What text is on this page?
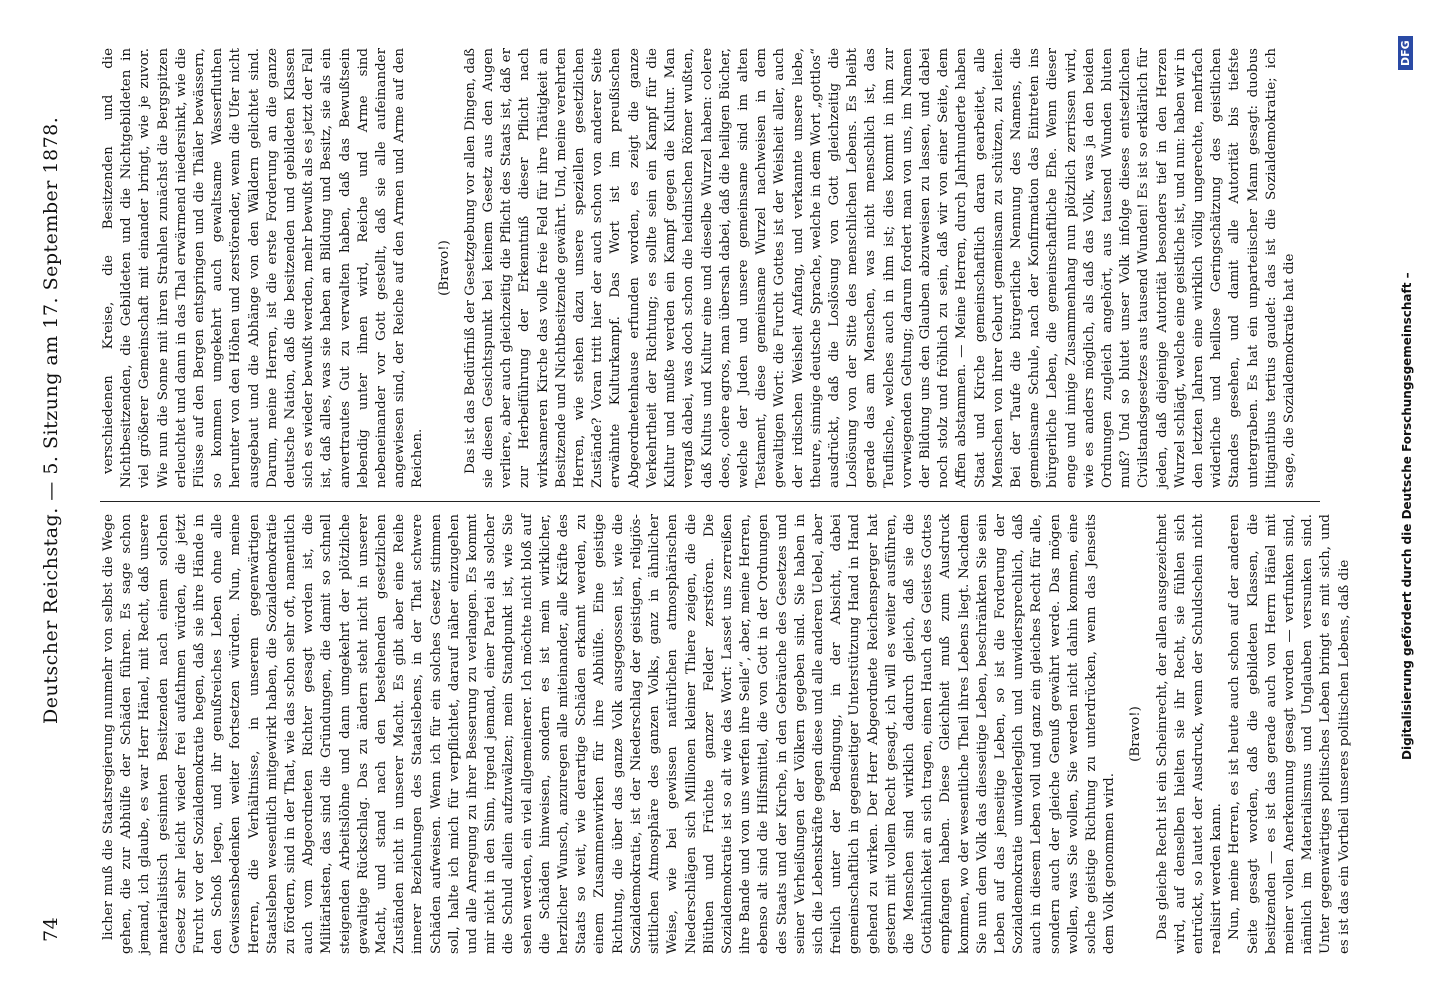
74
Deutscher Reichstag. — 5. Sitzung am 17. September 1878.

licher muß die Staatsregierung nunmehr von selbst die Wege gehen, die zur Abhülfe der Schäden führen. Es sage schon jemand, ich glaube, es war Herr Hänel, mit Recht, daß unsere materialistisch gesinnten Besitzenden nach einem solchen Gesetz sehr leicht wieder frei aufathmen würden, die jetzt Furcht vor der Sozialdemokratie hegen, daß sie ihre Hände in den Schoß legen, und ihr genußreiches Leben ohne alle Gewissensbedenken weiter fortsetzen würden. Nun, meine Herren, die Verhältnisse, in unserem gegenwärtigen Staatsleben wesentlich mitgewirkt haben, die Sozialdemokratie zu fördern, sind in der That, wie das schon sehr oft, namentlich auch vom Abgeordneten Richter gesagt worden ist, die Militärlasten, das sind die Gründungen, die damit so schnell steigenden Arbeitslöhne und dann umgekehrt der plötzliche gewaltige Rückschlag. Das zu ändern steht nicht in unserer Macht, und stand nach den bestehenden gesetzlichen Zuständen nicht in unserer Macht. Es gibt aber eine Reihe innerer Beziehungen des Staatslebens, in der That schwere Schäden aufweisen. Wenn ich für ein solches Gesetz stimmen soll, halte ich mich für verpflichtet, darauf näher einzugehen und alle Anregung zu ihrer Besserung zu verlangen. Es kommt mir nicht in den Sinn, irgend jemand, einer Partei als solcher die Schuld allein aufzuwälzen; mein Standpunkt ist, wie Sie sehen werden, ein viel allgemeinerer. Ich möchte nicht bloß auf die Schäden hinweisen, sondern es ist mein wirklicher, herzlicher Wunsch, anzuregen alle miteinander, alle Kräfte des Staats so weit, wie derartige Schäden erkannt werden, zu einem Zusammenwirken für ihre Abhülfe. Eine geistige Richtung, die über das ganze Volk ausgegossen ist, wie die Sozialdemokratie, ist der Niederschlag der geistigen, religiös-sittlichen Atmosphäre des ganzen Volks, ganz in ähnlicher Weise, wie bei gewissen natürlichen atmosphärischen Niederschlägen sich Millionen kleiner Thiere zeigen, die die Blüthen und Früchte ganzer Felder zerstören. Die Sozialdemokratie ist so alt wie das Wort: Lasset uns zerreißen ihre Bande und von uns werfen ihre Seile“, aber, meine Herren, ebenso alt sind die Hilfsmittel, die von Gott in der Ordnungen des Staats und der Kirche, in den Gebräuche des Gesetzes und seiner Verheißungen der Völkern gegeben sind. Sie haben in sich die Lebenskräfte gegen diese und alle anderen Uebel, aber freilich unter der Bedingung, in der Absicht, dabei gemeinschaftlich in gegenseitiger Unterstützung Hand in Hand gehend zu wirken. Der Herr Abgeordnete Reichensperger hat gestern mit vollem Recht gesagt, ich will es weiter ausführen, die Menschen sind wirklich dadurch gleich, daß sie die Gottähnlichkeit an sich tragen, einen Hauch des Geistes Gottes empfangen haben. Diese Gleichheit muß zum Ausdruck kommen, wo der wesentliche Theil ihres Lebens liegt. Nachdem Sie nun dem Volk das diesseitige Leben, beschränkten Sie sein Leben auf das jenseitige Leben, so ist die Forderung der Sozialdemokratie unwiderleglich und unwidersprechlich, daß auch in diesem Leben voll und ganz ein gleiches Recht für alle, sondern auch der gleiche Genuß gewährt werde. Das mögen wollen, was Sie wollen, Sie werden nicht dahin kommen, eine solche geistige Richtung zu unterdrücken, wenn das Jenseits dem Volk genommen wird.

(Bravo!) Das gleiche Recht ist ein Scheinrecht, der allen ausgezeichnet wird, auf denselben hielten sie ihr Recht, sie fühlen sich entrückt, so lautet der Ausdruck, wenn der Schuldschein nicht realisirt werden kann. Nun, meine Herren, es ist heute auch schon auf der anderen Seite gesagt worden, daß die gebildeten Klassen, die besitzenden — es ist das gerade auch von Herrn Hänel mit meiner vollen Anerkennung gesagt worden — verfunken sind, nämlich im Materialismus und Unglauben versunken sind. Unter gegenwärtiges politisches Leben bringt es mit sich, und es ist das ein Vortheil unseres politischen Lebens, daß die

verschiedenen Kreise, die Besitzenden und die Nichtbesitzenden, die Gebildeten und die Nichtgebildeten in viel größerer Gemeinschaft mit einander bringt, wie je zuvor. Wie nun die Sonne mit ihren Strahlen zunächst die Bergspitzen erleuchtet und dann in das Thal erwärmend niedersinkt, wie die Flüsse auf den Bergen entspringen und die Thäler bewässern, so kommen umgekehrt auch gewaltsame Wasserfluthen herunter von den Höhen und zerstörender, wenn die Ufer nicht ausgebaut und die Abhänge von den Wäldern gelichtet sind. Darum, meine Herren, ist die erste Forderung an die ganze deutsche Nation, daß die besitzenden und gebildeten Klassen sich es wieder bewußt werden, mehr bewußt als es jetzt der Fall ist, daß alles, was sie haben an Bildung und Besitz, sie als ein anvertrautes Gut zu verwalten haben, daß das Bewußtsein lebendig unter ihnen wird, Reiche und Arme sind nebeneinander vor Gott gestellt, daß sie alle aufeinander angewiesen sind, der Reiche auf den Armen und Arme auf den Reichen.

(Bravo!) Das ist das Bedürfniß der Gesetzgebung vor allen Dingen, daß sie diesen Gesichtspunkt bei keinem Gesetz aus den Augen verliere, aber auch gleichzeitig die Pflicht des Staats ist, daß er zur Herbeiführung der Erkenntniß dieser Pflicht nach wirksameren Kirche das volle freie Feld für ihre Thätigkeit an Besitzende und Nichtbesitzende gewährt. Und, meine verehrten Herren, wie stehen dazu unsere speziellen gesetzlichen Zustände? Voran tritt hier der auch schon von anderer Seite erwähnte Kulturkampf. Das Wort ist im preußischen Abgeordnetenhause erfunden worden, es zeigt die ganze Verkehrtheit der Richtung; es sollte sein ein Kampf für die Kultur und mußte werden ein Kampf gegen die Kultur. Man vergaß dabei, was doch schon die heidnischen Römer wußten, daß Kultus und Kultur eine und dieselbe Wurzel haben: colere deos, colere agros, man übersah dabei, daß die heiligen Bücher, welche der Juden und unsere gemeinsame sind im alten Testament, diese gemeinsame Wurzel nachweisen in dem gewaltigen Wort: die Furcht Gottes ist der Weisheit aller, auch der irdischen Weisheit Anfang, und verkannte unsere liebe, theure, sinnige deutsche Sprache, welche in dem Wort „gottlos“ ausdrückt, daß die Loslösung von Gott gleichzeitig die Loslösung von der Sitte des menschlichen Lebens. Es bleibt gerade das am Menschen, was nicht menschlich ist, das Teuflische, welches auch in ihm ist; dies kommt in ihm zur vorwiegenden Geltung; darum fordert man von uns, im Namen der Bildung uns den Glauben abzuweisen zu lassen, und dabei noch stolz und fröhlich zu sein, daß wir von einer Seite, dem Affen abstammen. — Meine Herren, durch Jahrhunderte haben Staat und Kirche gemeinschaftlich daran gearbeitet, alle Menschen von ihrer Geburt gemeinsam zu schützen, zu leiten. Bei der Taufe die bürgerliche Nennung des Namens, die gemeinsame Schule, nach der Konfirmation das Eintreten ins bürgerliche Leben, die gemeinschaftliche Ehe. Wenn dieser enge und innige Zusammenhang nun plötzlich zerrissen wird, wie es anders möglich, als daß das Volk, was ja den beiden Ordnungen zugleich angehört, aus tausend Wunden bluten muß? Und so blutet unser Volk infolge dieses entsetzlichen Civilstandsgesetzes aus tausend Wunden! Es ist so erklärlich für jeden, daß diejenige Autorität besonders tief in den Herzen Wurzel schlägt, welche eine geistliche ist, und nun: haben wir in den letzten Jahren eine wirklich völlig ungerechte, mehrfach widerliche und heillose Geringschätzung des geistlichen Standes gesehen, und damit alle Autorität bis tiefste untergraben. Es hat ein unparteiischer Mann gesagt: duobus litigantibus tertius gaudet: das ist die Sozialdemokratie; ich sage, die Sozialdemokratie hat die	Digitalisierung gefördert durch die Deutsche Forschungsgemeinschaft –
DFG
